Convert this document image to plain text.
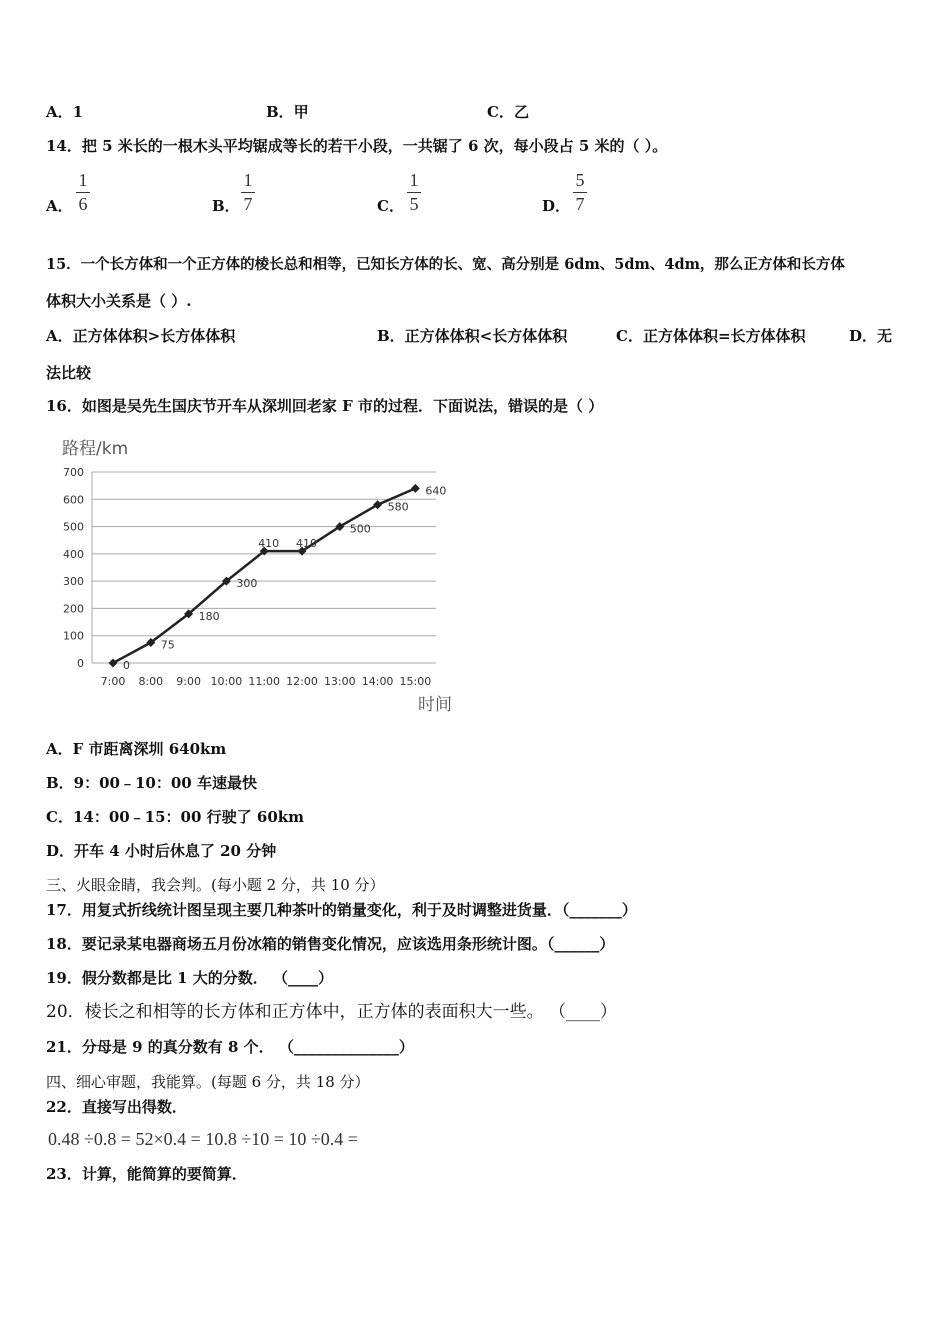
A．1	B．甲	C．乙
14．把 5 米长的一根木头平均锯成等长的若干小段，一共锯了 6 次，每小段占 5 米的（ ）。
A．
1
6	B．
1
7	C．
1
5	D．
5
7
15．一个长方体和一个正方体的棱长总和相等，已知长方体的长、宽、高分别是 6dm、5dm、4dm，那么正方体和长方体
体积大小关系是（ ）.
A．正方体体积>长方体体积	B．正方体体积<长方体体积	C．正方体体积=长方体体积	D．无
法比较
16．如图是吴先生国庆节开车从深圳回老家 F 市的过程．下面说法，错误的是（ ）
路程/km
时间
0
100
200
300
400
500
600
700
7:00 8:00 9:00 10:00 11:00 12:00 13:00 14:00 15:00
0
75
180
300
410 410
500
580
640
A．F 市距离深圳 640km
B．9：00﹣10：00 车速最快
C．14：00﹣15：00 行驶了 60km
D．开车 4 小时后休息了 20 分钟
三、火眼金睛，我会判。(每小题 2 分，共 10 分）
17．用复式折线统计图呈现主要几种茶叶的销量变化，利于及时调整进货量．（_______）
18．要记录某电器商场五月份冰箱的销售变化情况，应该选用条形统计图。（______）
19．假分数都是比 1 大的分数． （____）
20．棱长之和相等的长方体和正方体中，正方体的表面积大一些。 （____）
21．分母是 9 的真分数有 8 个． （______________）
四、细心审题，我能算。(每题 6 分，共 18 分）
22．直接写出得数．
0.48 ÷0.8 = 52×0.4 = 10.8 ÷10 = 10 ÷0.4 =
23．计算，能简算的要简算．
